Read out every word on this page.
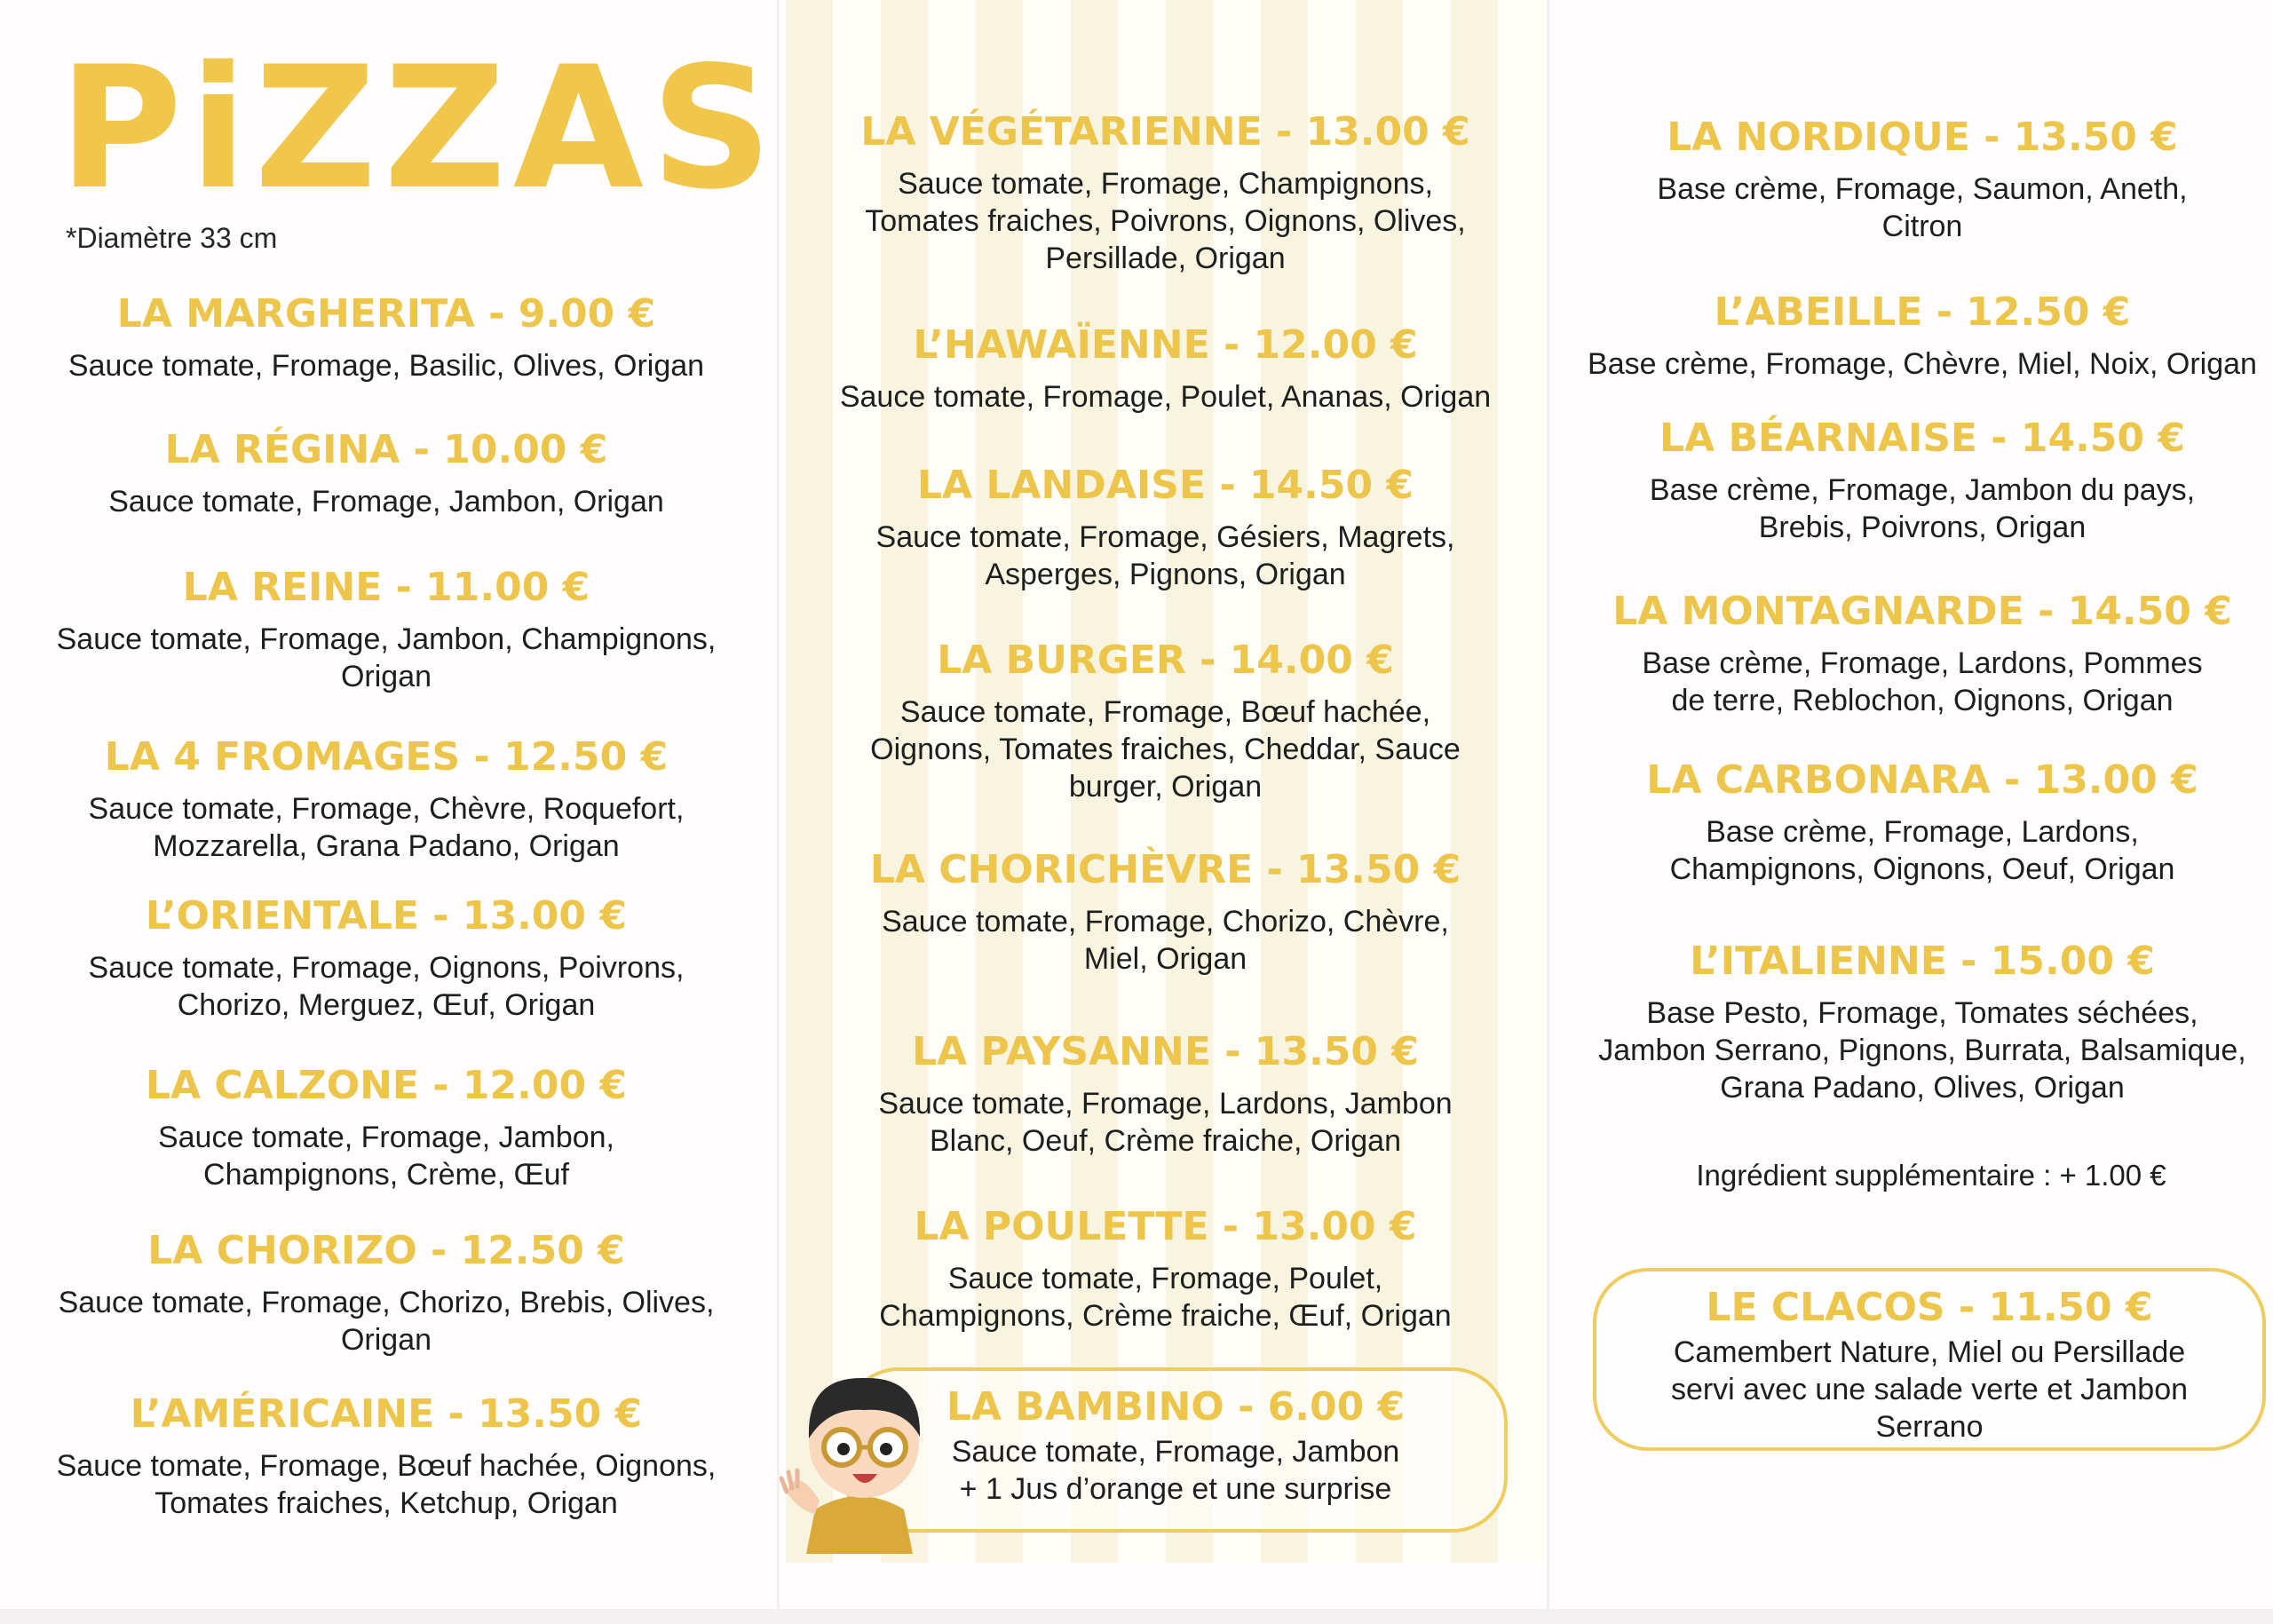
PiZZAS
*Diamètre 33 cm
LA MARGHERITA - 9.00 €
Sauce tomate, Fromage, Basilic, Olives, Origan
LA RÉGINA - 10.00 €
Sauce tomate, Fromage, Jambon, Origan
LA REINE - 11.00 €
Sauce tomate, Fromage, Jambon, Champignons,
Origan
LA 4 FROMAGES - 12.50 €
Sauce tomate, Fromage, Chèvre, Roquefort,
Mozzarella, Grana Padano, Origan
L’ORIENTALE - 13.00 €
Sauce tomate, Fromage, Oignons, Poivrons,
Chorizo, Merguez, Œuf, Origan
LA CALZONE - 12.00 €
Sauce tomate, Fromage, Jambon,
Champignons, Crème, Œuf
LA CHORIZO - 12.50 €
Sauce tomate, Fromage, Chorizo, Brebis, Olives,
Origan
L’AMÉRICAINE - 13.50 €
Sauce tomate, Fromage, Bœuf hachée, Oignons,
Tomates fraiches, Ketchup, Origan
LA VÉGÉTARIENNE - 13.00 €
Sauce tomate, Fromage, Champignons,
Tomates fraiches, Poivrons, Oignons, Olives,
Persillade, Origan
L’HAWAÏENNE - 12.00 €
Sauce tomate, Fromage, Poulet, Ananas, Origan
LA LANDAISE - 14.50 €
Sauce tomate, Fromage, Gésiers, Magrets,
Asperges, Pignons, Origan
LA BURGER - 14.00 €
Sauce tomate, Fromage, Bœuf hachée,
Oignons, Tomates fraiches, Cheddar, Sauce
burger, Origan
LA CHORICHÈVRE - 13.50 €
Sauce tomate, Fromage, Chorizo, Chèvre,
Miel, Origan
LA PAYSANNE - 13.50 €
Sauce tomate, Fromage, Lardons, Jambon
Blanc, Oeuf, Crème fraiche, Origan
LA POULETTE - 13.00 €
Sauce tomate, Fromage, Poulet,
Champignons, Crème fraiche, Œuf, Origan
LA BAMBINO - 6.00 €
Sauce tomate, Fromage, Jambon
+ 1 Jus d’orange et une surprise
LA NORDIQUE - 13.50 €
Base crème, Fromage, Saumon, Aneth,
Citron
L’ABEILLE - 12.50 €
Base crème, Fromage, Chèvre, Miel, Noix, Origan
LA BÉARNAISE - 14.50 €
Base crème, Fromage, Jambon du pays,
Brebis, Poivrons, Origan
LA MONTAGNARDE - 14.50 €
Base crème, Fromage, Lardons, Pommes
de terre, Reblochon, Oignons, Origan
LA CARBONARA - 13.00 €
Base crème, Fromage, Lardons,
Champignons, Oignons, Oeuf, Origan
L’ITALIENNE - 15.00 €
Base Pesto, Fromage, Tomates séchées,
Jambon Serrano, Pignons, Burrata, Balsamique,
Grana Padano, Olives, Origan
Ingrédient supplémentaire : + 1.00 €
LE CLACOS - 11.50 €
Camembert Nature, Miel ou Persillade
servi avec une salade verte et Jambon
Serrano
